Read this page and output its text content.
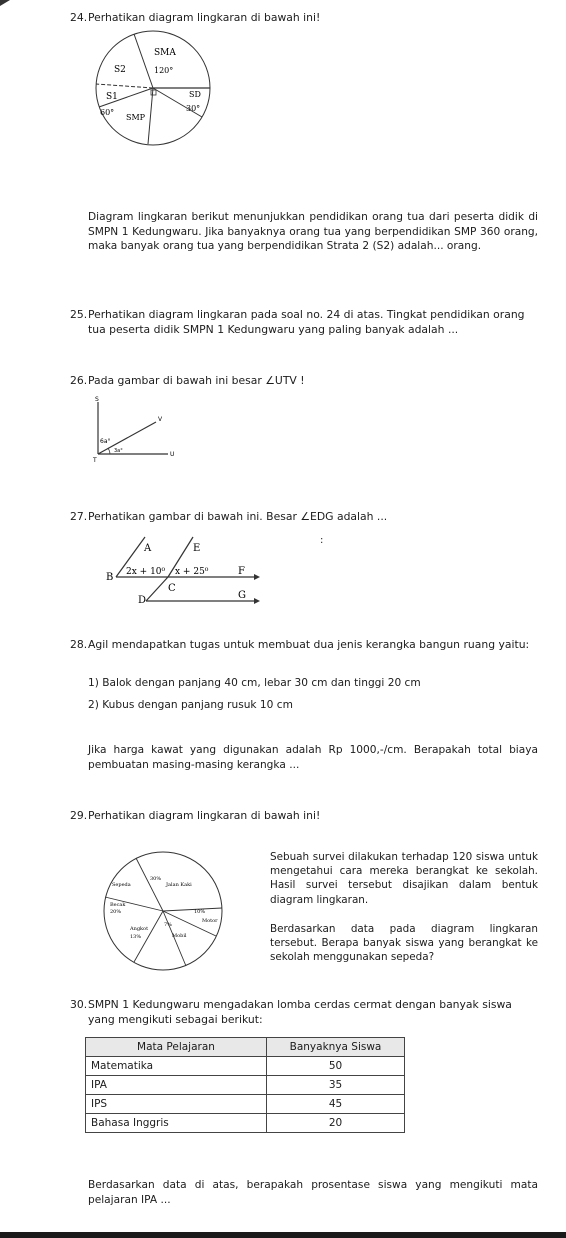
24. Perhatikan diagram lingkaran di bawah ini!
SMA
120°
S2
S1
60°
SMP
SD
30°
Diagram lingkaran berikut menunjukkan pendidikan orang tua dari peserta didik di SMPN 1 Kedungwaru. Jika banyaknya orang tua yang berpendidikan SMP 360 orang, maka banyak orang tua yang berpendidikan Strata 2 (S2) adalah... orang.
25. Perhatikan diagram lingkaran pada soal no. 24 di atas. Tingkat pendidikan orang tua peserta didik SMPN 1 Kedungwaru yang paling banyak adalah ...
26. Pada gambar di bawah ini besar ∠UTV !
S
V
T
U
6a°
3a°
27. Perhatikan gambar di bawah ini. Besar ∠EDG adalah ...
:
A	E
B
F
C
D	G
2x + 10⁰ x + 25⁰
28. Agil mendapatkan tugas untuk membuat dua jenis kerangka bangun ruang yaitu:
1) Balok dengan panjang 40 cm, lebar 30 cm dan tinggi 20 cm
2) Kubus dengan panjang rusuk 10 cm
Jika harga kawat yang digunakan adalah Rp 1000,-/cm. Berapakah total biaya pembuatan masing-masing kerangka ...
29. Perhatikan diagram lingkaran di bawah ini!
Sepeda
30%
Jalan Kaki
Becak
20%	10%
Motor
7%
Angkot
13%	Mobil
Sebuah survei dilakukan terhadap 120 siswa untuk mengetahui cara mereka berangkat ke sekolah. Hasil survei tersebut disajikan dalam bentuk diagram lingkaran.
Berdasarkan data pada diagram lingkaran tersebut. Berapa banyak siswa yang berangkat ke sekolah menggunakan sepeda?
30. SMPN 1 Kedungwaru mengadakan lomba cerdas cermat dengan banyak siswa yang mengikuti sebagai berikut:
Mata Pelajaran	Banyaknya Siswa
Matematika	50
IPA	35
IPS	45
Bahasa Inggris	20
Berdasarkan data di atas, berapakah prosentase siswa yang mengikuti mata pelajaran IPA ...
